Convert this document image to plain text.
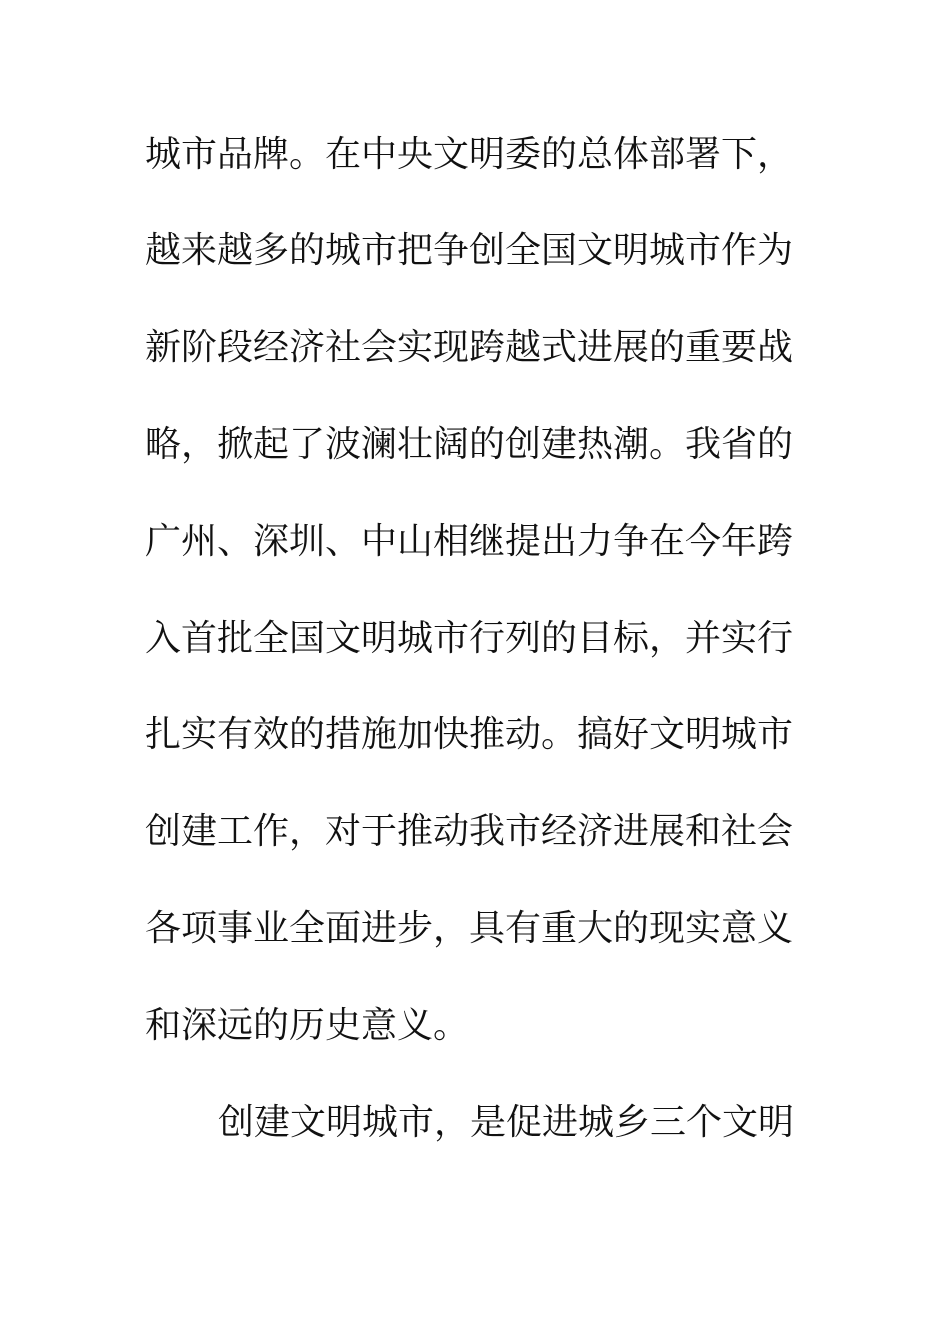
城市品牌。在中央文明委的总体部署下，
越来越多的城市把争创全国文明城市作为
新阶段经济社会实现跨越式进展的重要战
略，掀起了波澜壮阔的创建热潮。我省的
广州、深圳、中山相继提出力争在今年跨
入首批全国文明城市行列的目标，并实行
扎实有效的措施加快推动。搞好文明城市
创建工作，对于推动我市经济进展和社会
各项事业全面进步，具有重大的现实意义
和深远的历史意义。
创建文明城市，是促进城乡三个文明
